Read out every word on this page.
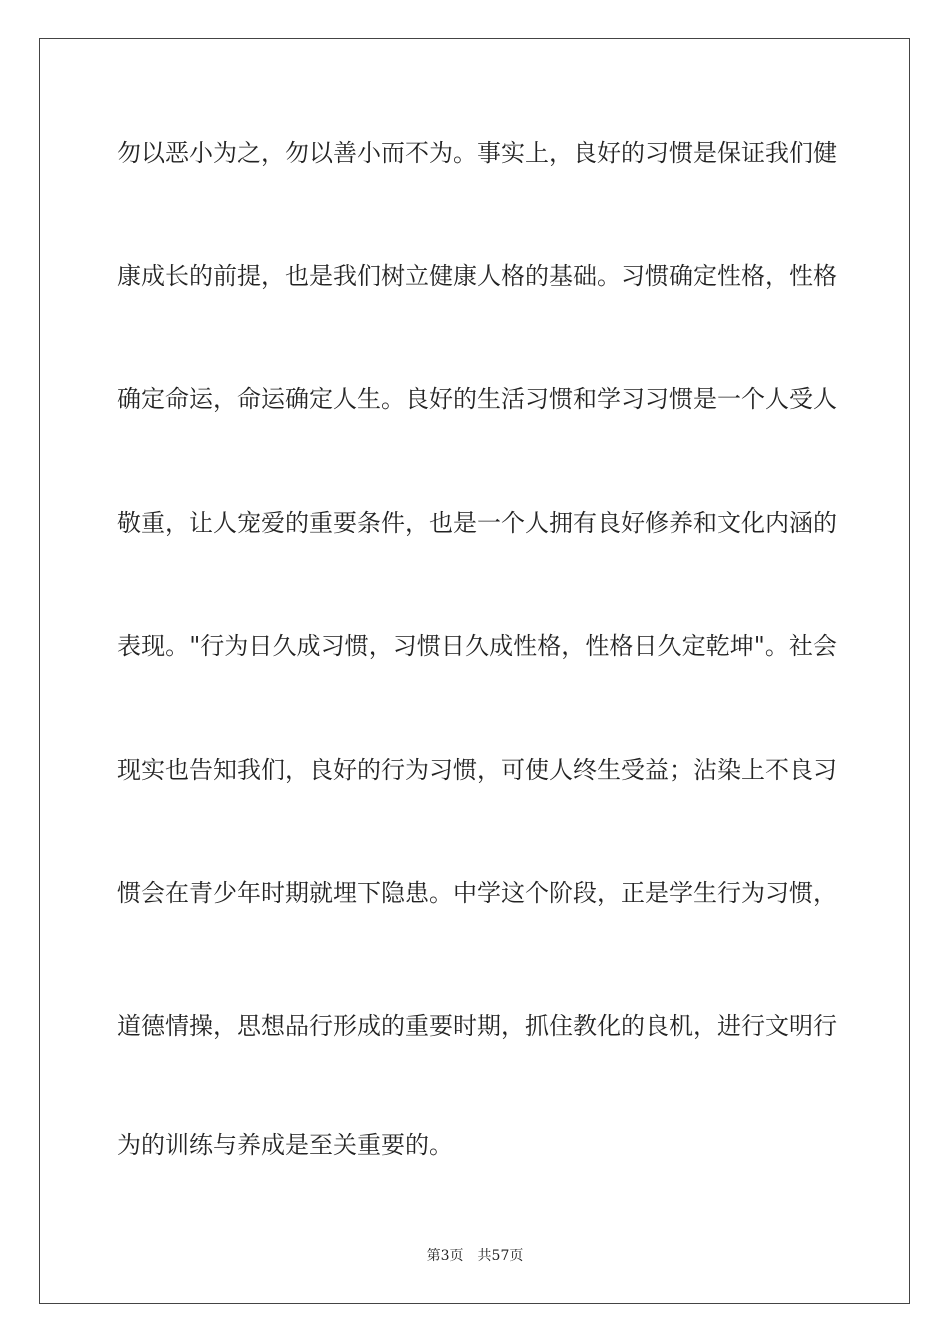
勿以恶小为之，勿以善小而不为。事实上，良好的习惯是保证我们健
康成长的前提，也是我们树立健康人格的基础。习惯确定性格，性格
确定命运，命运确定人生。良好的生活习惯和学习习惯是一个人受人
敬重，让人宠爱的重要条件，也是一个人拥有良好修养和文化内涵的
表现。"行为日久成习惯，习惯日久成性格，性格日久定乾坤"。社会
现实也告知我们，良好的行为习惯，可使人终生受益；沾染上不良习
惯会在青少年时期就埋下隐患。中学这个阶段，正是学生行为习惯，
道德情操，思想品行形成的重要时期，抓住教化的良机，进行文明行
为的训练与养成是至关重要的。
第3页 共57页
